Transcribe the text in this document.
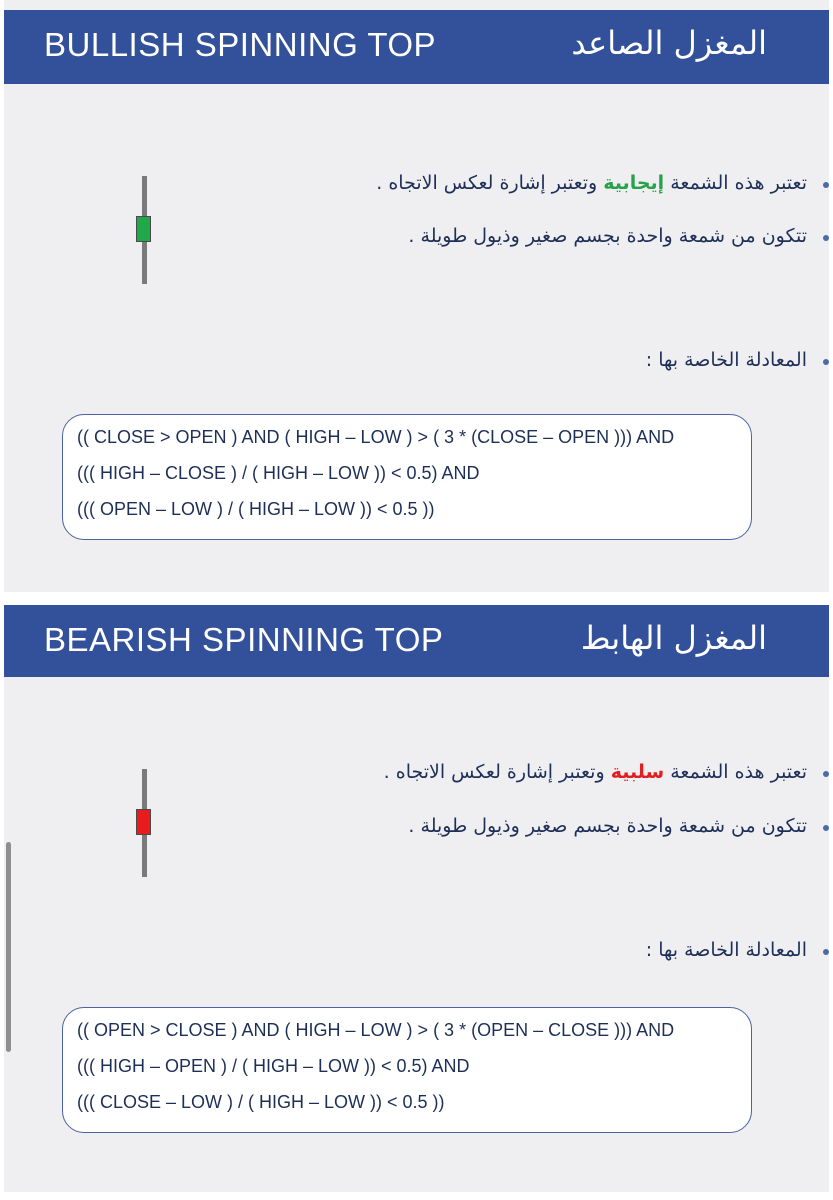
BULLISH SPINNING TOP	المغزل الصاعد
تعتبر هذه الشمعة إيجابية وتعتبر إشارة لعكس الاتجاه .
تتكون من شمعة واحدة بجسم صغير وذيول طويلة .
المعادلة الخاصة بها :
(( CLOSE > OPEN ) AND ( HIGH – LOW ) > ( 3 * (CLOSE – OPEN ))) AND
((( HIGH – CLOSE ) / ( HIGH – LOW )) < 0.5) AND
((( OPEN – LOW ) / ( HIGH – LOW )) < 0.5 ))
BEARISH SPINNING TOP	المغزل الهابط
تعتبر هذه الشمعة سلبية وتعتبر إشارة لعكس الاتجاه .
تتكون من شمعة واحدة بجسم صغير وذيول طويلة .
المعادلة الخاصة بها :
(( OPEN > CLOSE ) AND ( HIGH – LOW ) > ( 3 * (OPEN – CLOSE ))) AND
((( HIGH – OPEN ) / ( HIGH – LOW )) < 0.5) AND
((( CLOSE – LOW ) / ( HIGH – LOW )) < 0.5 ))
